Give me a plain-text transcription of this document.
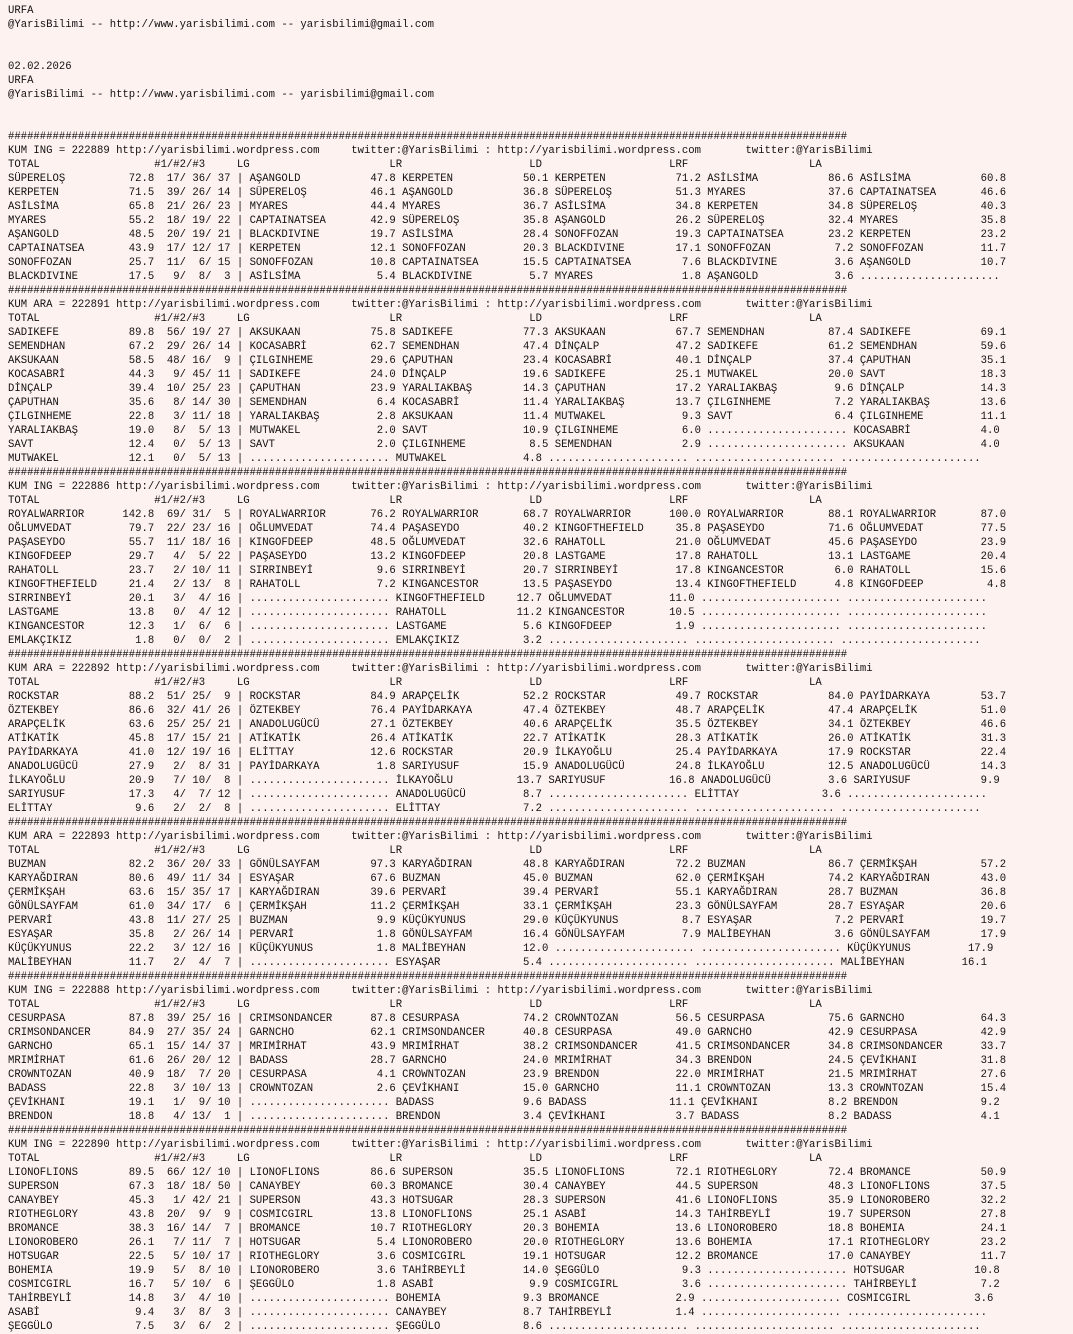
URFA
@YarisBilimi -- http://www.yarisbilimi.com -- yarisbilimi@gmail.com
02.02.2026
URFA
@YarisBilimi -- http://www.yarisbilimi.com -- yarisbilimi@gmail.com
####################################################################################################################################
KUM ING = 222889 http://yarisbilimi.wordpress.com     twitter:@YarisBilimi : http://yarisbilimi.wordpress.com       twitter:@YarisBilimi
TOTAL                  #1/#2/#3     LG                      LR                    LD                    LRF                   LA
SÜPERELOŞ          72.8  17/ 36/ 37 | AŞANGOLD           47.8 KERPETEN           50.1 KERPETEN           71.2 ASİLSİMA           86.6 ASİLSİMA           60.8
KERPETEN           71.5  39/ 26/ 14 | SÜPERELOŞ          46.1 AŞANGOLD           36.8 SÜPERELOŞ          51.3 MYARES             37.6 CAPTAINATSEA       46.6
ASİLSİMA           65.8  21/ 26/ 23 | MYARES             44.4 MYARES             36.7 ASİLSİMA           34.8 KERPETEN           34.8 SÜPERELOŞ          40.3
MYARES             55.2  18/ 19/ 22 | CAPTAINATSEA       42.9 SÜPERELOŞ          35.8 AŞANGOLD           26.2 SÜPERELOŞ          32.4 MYARES             35.8
AŞANGOLD           48.5  20/ 19/ 21 | BLACKDIVINE        19.7 ASİLSİMA           28.4 SONOFFOZAN         19.3 CAPTAINATSEA       23.2 KERPETEN           23.2
CAPTAINATSEA       43.9  17/ 12/ 17 | KERPETEN           12.1 SONOFFOZAN         20.3 BLACKDIVINE        17.1 SONOFFOZAN          7.2 SONOFFOZAN         11.7
SONOFFOZAN         25.7  11/  6/ 15 | SONOFFOZAN         10.8 CAPTAINATSEA       15.5 CAPTAINATSEA        7.6 BLACKDIVINE         3.6 AŞANGOLD           10.7
BLACKDIVINE        17.5   9/  8/  3 | ASİLSİMA            5.4 BLACKDIVINE         5.7 MYARES              1.8 AŞANGOLD            3.6 ......................
####################################################################################################################################
KUM ARA = 222891 http://yarisbilimi.wordpress.com     twitter:@YarisBilimi : http://yarisbilimi.wordpress.com       twitter:@YarisBilimi
TOTAL                  #1/#2/#3     LG                      LR                    LD                    LRF                   LA
SADIKEFE           89.8  56/ 19/ 27 | AKSUKAAN           75.8 SADIKEFE           77.3 AKSUKAAN           67.7 SEMENDHAN          87.4 SADIKEFE           69.1
SEMENDHAN          67.2  29/ 26/ 14 | KOCASABRİ          62.7 SEMENDHAN          47.4 DİNÇALP            47.2 SADIKEFE           61.2 SEMENDHAN          59.6
AKSUKAAN           58.5  48/ 16/  9 | ÇILGINHEME         29.6 ÇAPUTHAN           23.4 KOCASABRİ          40.1 DİNÇALP            37.4 ÇAPUTHAN           35.1
KOCASABRİ          44.3   9/ 45/ 11 | SADIKEFE           24.0 DİNÇALP            19.6 SADIKEFE           25.1 MUTWAKEL           20.0 SAVT               18.3
DİNÇALP            39.4  10/ 25/ 23 | ÇAPUTHAN           23.9 YARALIAKBAŞ        14.3 ÇAPUTHAN           17.2 YARALIAKBAŞ         9.6 DİNÇALP            14.3
ÇAPUTHAN           35.6   8/ 14/ 30 | SEMENDHAN           6.4 KOCASABRİ          11.4 YARALIAKBAŞ        13.7 ÇILGINHEME          7.2 YARALIAKBAŞ        13.6
ÇILGINHEME         22.8   3/ 11/ 18 | YARALIAKBAŞ         2.8 AKSUKAAN           11.4 MUTWAKEL            9.3 SAVT                6.4 ÇILGINHEME         11.1
YARALIAKBAŞ        19.0   8/  5/ 13 | MUTWAKEL            2.0 SAVT               10.9 ÇILGINHEME          6.0 ...................... KOCASABRİ           4.0
SAVT               12.4   0/  5/ 13 | SAVT                2.0 ÇILGINHEME          8.5 SEMENDHAN           2.9 ...................... AKSUKAAN            4.0
MUTWAKEL           12.1   0/  5/ 13 | ...................... MUTWAKEL            4.8 ...................... ...................... ......................
####################################################################################################################################
KUM ING = 222886 http://yarisbilimi.wordpress.com     twitter:@YarisBilimi : http://yarisbilimi.wordpress.com       twitter:@YarisBilimi
TOTAL                  #1/#2/#3     LG                      LR                    LD                    LRF                   LA
ROYALWARRIOR      142.8  69/ 31/  5 | ROYALWARRIOR       76.2 ROYALWARRIOR       68.7 ROYALWARRIOR      100.0 ROYALWARRIOR       88.1 ROYALWARRIOR       87.0
OĞLUMVEDAT         79.7  22/ 23/ 16 | OĞLUMVEDAT         74.4 PAŞASEYDO          40.2 KINGOFTHEFIELD     35.8 PAŞASEYDO          71.6 OĞLUMVEDAT         77.5
PAŞASEYDO          55.7  11/ 18/ 16 | KINGOFDEEP         48.5 OĞLUMVEDAT         32.6 RAHATOLL           21.0 OĞLUMVEDAT         45.6 PAŞASEYDO          23.9
KINGOFDEEP         29.7   4/  5/ 22 | PAŞASEYDO          13.2 KINGOFDEEP         20.8 LASTGAME           17.8 RAHATOLL           13.1 LASTGAME           20.4
RAHATOLL           23.7   2/ 10/ 11 | SIRRINBEYİ          9.6 SIRRINBEYİ         20.7 SIRRINBEYİ         17.8 KINGANCESTOR        6.0 RAHATOLL           15.6
KINGOFTHEFIELD     21.4   2/ 13/  8 | RAHATOLL            7.2 KINGANCESTOR       13.5 PAŞASEYDO          13.4 KINGOFTHEFIELD      4.8 KINGOFDEEP          4.8
SIRRINBEYİ         20.1   3/  4/ 16 | ...................... KINGOFTHEFIELD     12.7 OĞLUMVEDAT         11.0 ...................... ......................
LASTGAME           13.8   0/  4/ 12 | ...................... RAHATOLL           11.2 KINGANCESTOR       10.5 ...................... ......................
KINGANCESTOR       12.3   1/  6/  6 | ...................... LASTGAME            5.6 KINGOFDEEP          1.9 ...................... ......................
EMLAKÇIKIZ          1.8   0/  0/  2 | ...................... EMLAKÇIKIZ          3.2 ...................... ...................... ......................
####################################################################################################################################
KUM ARA = 222892 http://yarisbilimi.wordpress.com     twitter:@YarisBilimi : http://yarisbilimi.wordpress.com       twitter:@YarisBilimi
TOTAL                  #1/#2/#3     LG                      LR                    LD                    LRF                   LA
ROCKSTAR           88.2  51/ 25/  9 | ROCKSTAR           84.9 ARAPÇELİK          52.2 ROCKSTAR           49.7 ROCKSTAR           84.0 PAYİDARKAYA        53.7
ÖZTEKBEY           86.6  32/ 41/ 26 | ÖZTEKBEY           76.4 PAYİDARKAYA        47.4 ÖZTEKBEY           48.7 ARAPÇELİK          47.4 ARAPÇELİK          51.0
ARAPÇELİK          63.6  25/ 25/ 21 | ANADOLUGÜCÜ        27.1 ÖZTEKBEY           40.6 ARAPÇELİK          35.5 ÖZTEKBEY           34.1 ÖZTEKBEY           46.6
ATİKATİK           45.8  17/ 15/ 21 | ATİKATİK           26.4 ATİKATİK           22.7 ATİKATİK           28.3 ATİKATİK           26.0 ATİKATİK           31.3
PAYİDARKAYA        41.0  12/ 19/ 16 | ELİTTAY            12.6 ROCKSTAR           20.9 İLKAYOĞLU          25.4 PAYİDARKAYA        17.9 ROCKSTAR           22.4
ANADOLUGÜCÜ        27.9   2/  8/ 31 | PAYİDARKAYA         1.8 SARIYUSUF          15.9 ANADOLUGÜCÜ        24.8 İLKAYOĞLU          12.5 ANADOLUGÜCÜ        14.3
İLKAYOĞLU          20.9   7/ 10/  8 | ...................... İLKAYOĞLU          13.7 SARIYUSUF          16.8 ANADOLUGÜCÜ         3.6 SARIYUSUF           9.9
SARIYUSUF          17.3   4/  7/ 12 | ...................... ANADOLUGÜCÜ         8.7 ...................... ELİTTAY             3.6 ......................
ELİTTAY             9.6   2/  2/  8 | ...................... ELİTTAY             7.2 ...................... ...................... ......................
####################################################################################################################################
KUM ARA = 222893 http://yarisbilimi.wordpress.com     twitter:@YarisBilimi : http://yarisbilimi.wordpress.com       twitter:@YarisBilimi
TOTAL                  #1/#2/#3     LG                      LR                    LD                    LRF                   LA
BUZMAN             82.2  36/ 20/ 33 | GÖNÜLSAYFAM        97.3 KARYAĞDIRAN        48.8 KARYAĞDIRAN        72.2 BUZMAN             86.7 ÇERMİKŞAH          57.2
KARYAĞDIRAN        80.6  49/ 11/ 34 | ESYAŞAR            67.6 BUZMAN             45.0 BUZMAN             62.0 ÇERMİKŞAH          74.2 KARYAĞDIRAN        43.0
ÇERMİKŞAH          63.6  15/ 35/ 17 | KARYAĞDIRAN        39.6 PERVARİ            39.4 PERVARİ            55.1 KARYAĞDIRAN        28.7 BUZMAN             36.8
GÖNÜLSAYFAM        61.0  34/ 17/  6 | ÇERMİKŞAH          11.2 ÇERMİKŞAH          33.1 ÇERMİKŞAH          23.3 GÖNÜLSAYFAM        28.7 ESYAŞAR            20.6
PERVARİ            43.8  11/ 27/ 25 | BUZMAN              9.9 KÜÇÜKYUNUS         29.0 KÜÇÜKYUNUS          8.7 ESYAŞAR             7.2 PERVARİ            19.7
ESYAŞAR            35.8   2/ 26/ 14 | PERVARİ             1.8 GÖNÜLSAYFAM        16.4 GÖNÜLSAYFAM         7.9 MALİBEYHAN          3.6 GÖNÜLSAYFAM        17.9
KÜÇÜKYUNUS         22.2   3/ 12/ 16 | KÜÇÜKYUNUS          1.8 MALİBEYHAN         12.0 ...................... ...................... KÜÇÜKYUNUS         17.9
MALİBEYHAN         11.7   2/  4/  7 | ...................... ESYAŞAR             5.4 ...................... ...................... MALİBEYHAN         16.1
####################################################################################################################################
KUM ING = 222888 http://yarisbilimi.wordpress.com     twitter:@YarisBilimi : http://yarisbilimi.wordpress.com       twitter:@YarisBilimi
TOTAL                  #1/#2/#3     LG                      LR                    LD                    LRF                   LA
CESURPASA          87.8  39/ 25/ 16 | CRIMSONDANCER      87.8 CESURPASA          74.2 CROWNTOZAN         56.5 CESURPASA          75.6 GARNCHO            64.3
CRIMSONDANCER      84.9  27/ 35/ 24 | GARNCHO            62.1 CRIMSONDANCER      40.8 CESURPASA          49.0 GARNCHO            42.9 CESURPASA          42.9
GARNCHO            65.1  15/ 14/ 37 | MRIMİRHAT          43.9 MRIMİRHAT          38.2 CRIMSONDANCER      41.5 CRIMSONDANCER      34.8 CRIMSONDANCER      33.7
MRIMİRHAT          61.6  26/ 20/ 12 | BADASS             28.7 GARNCHO            24.0 MRIMİRHAT          34.3 BRENDON            24.5 ÇEVİKHANI          31.8
CROWNTOZAN         40.9  18/  7/ 20 | CESURPASA           4.1 CROWNTOZAN         23.9 BRENDON            22.0 MRIMİRHAT          21.5 MRIMİRHAT          27.6
BADASS             22.8   3/ 10/ 13 | CROWNTOZAN          2.6 ÇEVİKHANI          15.0 GARNCHO            11.1 CROWNTOZAN         13.3 CROWNTOZAN         15.4
ÇEVİKHANI          19.1   1/  9/ 10 | ...................... BADASS              9.6 BADASS             11.1 ÇEVİKHANI           8.2 BRENDON             9.2
BRENDON            18.8   4/ 13/  1 | ...................... BRENDON             3.4 ÇEVİKHANI           3.7 BADASS              8.2 BADASS              4.1
####################################################################################################################################
KUM ING = 222890 http://yarisbilimi.wordpress.com     twitter:@YarisBilimi : http://yarisbilimi.wordpress.com       twitter:@YarisBilimi
TOTAL                  #1/#2/#3     LG                      LR                    LD                    LRF                   LA
LIONOFLIONS        89.5  66/ 12/ 10 | LIONOFLIONS        86.6 SUPERSON           35.5 LIONOFLIONS        72.1 RIOTHEGLORY        72.4 BROMANCE           50.9
SUPERSON           67.3  18/ 18/ 50 | CANAYBEY           60.3 BROMANCE           30.4 CANAYBEY           44.5 SUPERSON           48.3 LIONOFLIONS        37.5
CANAYBEY           45.3   1/ 42/ 21 | SUPERSON           43.3 HOTSUGAR           28.3 SUPERSON           41.6 LIONOFLIONS        35.9 LIONOROBERO        32.2
RIOTHEGLORY        43.8  20/  9/  9 | COSMICGIRL         13.8 LIONOFLIONS        25.1 ASABİ              14.3 TAHİRBEYLİ         19.7 SUPERSON           27.8
BROMANCE           38.3  16/ 14/  7 | BROMANCE           10.7 RIOTHEGLORY        20.3 BOHEMIA            13.6 LIONOROBERO        18.8 BOHEMIA            24.1
LIONOROBERO        26.1   7/ 11/  7 | HOTSUGAR            5.4 LIONOROBERO        20.0 RIOTHEGLORY        13.6 BOHEMIA            17.1 RIOTHEGLORY        23.2
HOTSUGAR           22.5   5/ 10/ 17 | RIOTHEGLORY         3.6 COSMICGIRL         19.1 HOTSUGAR           12.2 BROMANCE           17.0 CANAYBEY           11.7
BOHEMIA            19.9   5/  8/ 10 | LIONOROBERO         3.6 TAHİRBEYLİ         14.0 ŞEGGÜLO             9.3 ...................... HOTSUGAR           10.8
COSMICGIRL         16.7   5/ 10/  6 | ŞEGGÜLO             1.8 ASABİ               9.9 COSMICGIRL          3.6 ...................... TAHİRBEYLİ          7.2
TAHİRBEYLİ         14.8   3/  4/ 10 | ...................... BOHEMIA             9.3 BROMANCE            2.9 ...................... COSMICGIRL          3.6
ASABİ               9.4   3/  8/  3 | ...................... CANAYBEY            8.7 TAHİRBEYLİ          1.4 ...................... ......................
ŞEGGÜLO             7.5   3/  6/  2 | ...................... ŞEGGÜLO             8.6 ...................... ...................... ......................
